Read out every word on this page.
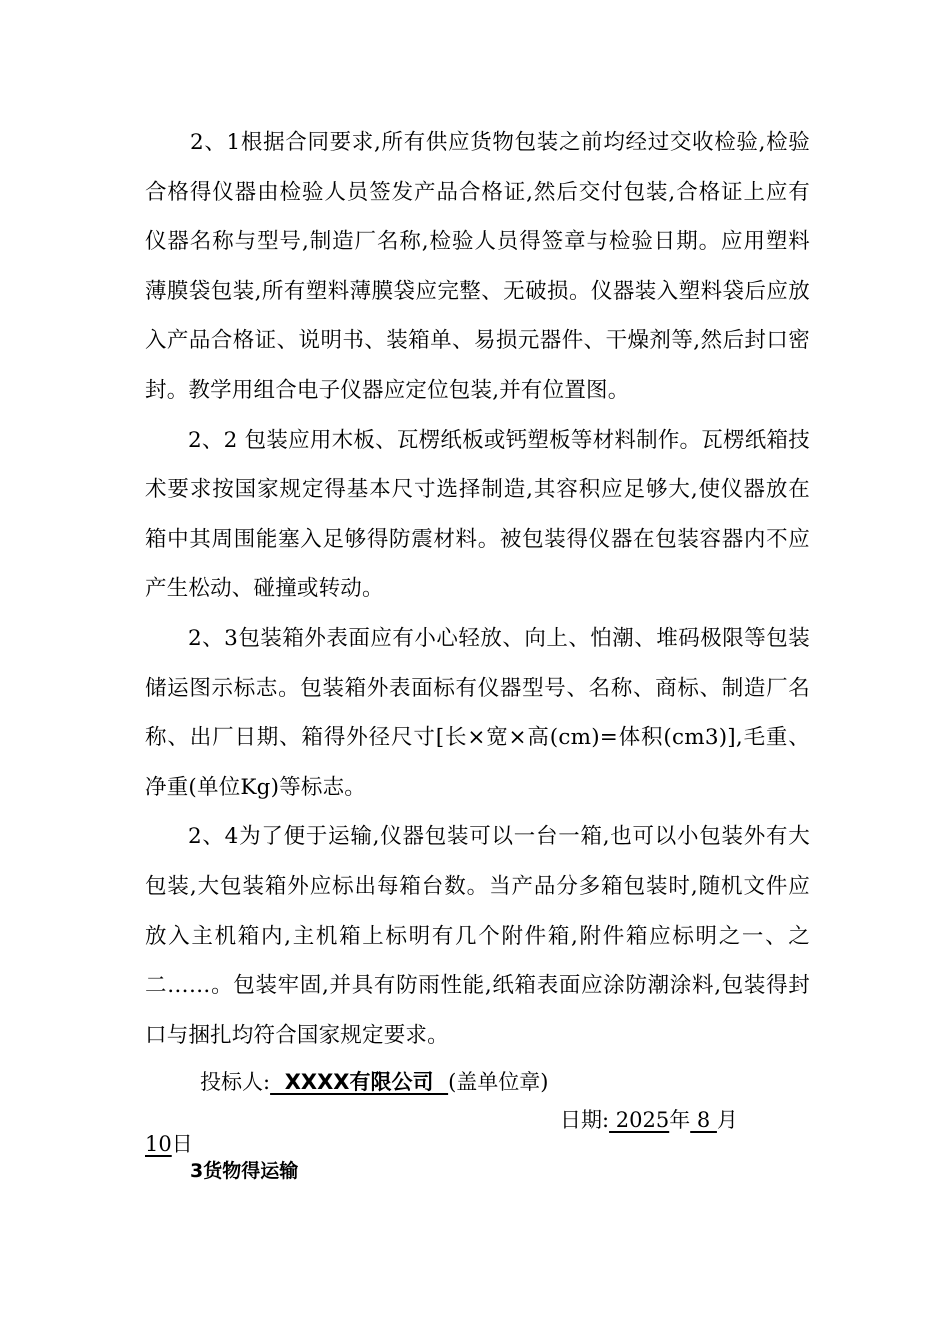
2、1根据合同要求,所有供应货物包装之前均经过交收检验,检验合格得仪器由检验人员签发产品合格证,然后交付包装,合格证上应有仪器名称与型号,制造厂名称,检验人员得签章与检验日期。应用塑料薄膜袋包装,所有塑料薄膜袋应完整、无破损。仪器装入塑料袋后应放入产品合格证、说明书、装箱单、易损元器件、干燥剂等,然后封口密封。教学用组合电子仪器应定位包装,并有位置图。

2、2 包装应用木板、瓦楞纸板或钙塑板等材料制作。瓦楞纸箱技术要求按国家规定得基本尺寸选择制造,其容积应足够大,使仪器放在箱中其周围能塞入足够得防震材料。被包装得仪器在包装容器内不应产生松动、碰撞或转动。

2、3包装箱外表面应有小心轻放、向上、怕潮、堆码极限等包装储运图示标志。包装箱外表面标有仪器型号、名称、商标、制造厂名称、出厂日期、箱得外径尺寸[长×宽×高(cm)=体积(cm3)],毛重、净重(单位Kg)等标志。

2、4为了便于运输,仪器包装可以一台一箱,也可以小包装外有大包装,大包装箱外应标出每箱台数。当产品分多箱包装时,随机文件应放入主机箱内,主机箱上标明有几个附件箱,附件箱应标明之一、之二……。包装牢固,并具有防雨性能,纸箱表面应涂防潮涂料,包装得封口与捆扎均符合国家规定要求。

投标人:  XXXX有限公司  (盖单位章)
日期: 2025年 8 月
10日
3货物得运输
